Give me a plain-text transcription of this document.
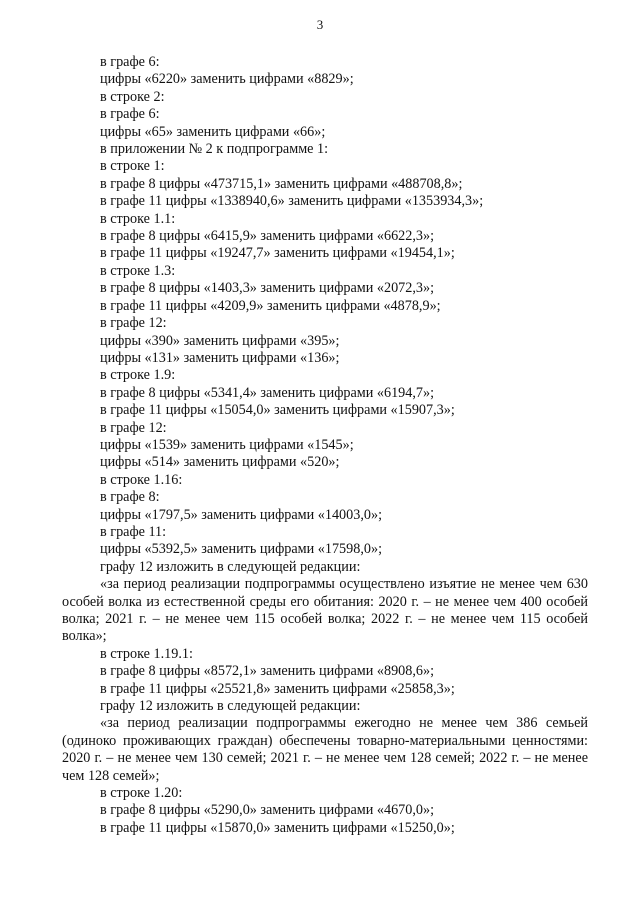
3
в графе 6:
цифры «6220» заменить цифрами «8829»;
в строке 2:
в графе 6:
цифры «65» заменить цифрами «66»;
в приложении № 2 к подпрограмме 1:
в строке 1:
в графе 8 цифры «473715,1» заменить цифрами «488708,8»;
в графе 11 цифры «1338940,6» заменить цифрами «1353934,3»;
в строке 1.1:
в графе 8 цифры «6415,9» заменить цифрами «6622,3»;
в графе 11 цифры «19247,7» заменить цифрами «19454,1»;
в строке 1.3:
в графе 8 цифры «1403,3» заменить цифрами «2072,3»;
в графе 11 цифры «4209,9» заменить цифрами «4878,9»;
в графе 12:
цифры «390» заменить цифрами «395»;
цифры «131» заменить цифрами «136»;
в строке 1.9:
в графе 8 цифры «5341,4» заменить цифрами «6194,7»;
в графе 11 цифры «15054,0» заменить цифрами «15907,3»;
в графе 12:
цифры «1539» заменить цифрами «1545»;
цифры «514» заменить цифрами «520»;
в строке 1.16:
в графе 8:
цифры «1797,5» заменить цифрами «14003,0»;
в графе 11:
цифры «5392,5» заменить цифрами «17598,0»;
графу 12 изложить в следующей редакции:
«за период реализации подпрограммы осуществлено изъятие не менее чем 630 особей волка из естественной среды его обитания: 2020 г. – не менее чем 400 особей волка; 2021 г. – не менее чем 115 особей волка; 2022 г. – не менее чем 115 особей волка»;
в строке 1.19.1:
в графе 8 цифры «8572,1» заменить цифрами «8908,6»;
в графе 11 цифры «25521,8» заменить цифрами «25858,3»;
графу 12 изложить в следующей редакции:
«за период реализации подпрограммы ежегодно не менее чем 386 семьей (одиноко проживающих граждан) обеспечены товарно-материальными ценностями: 2020 г. – не менее чем 130 семей; 2021 г. – не менее чем 128 семей; 2022 г. – не менее чем 128 семей»;
в строке 1.20:
в графе 8 цифры «5290,0» заменить цифрами «4670,0»;
в графе 11 цифры «15870,0» заменить цифрами «15250,0»;
